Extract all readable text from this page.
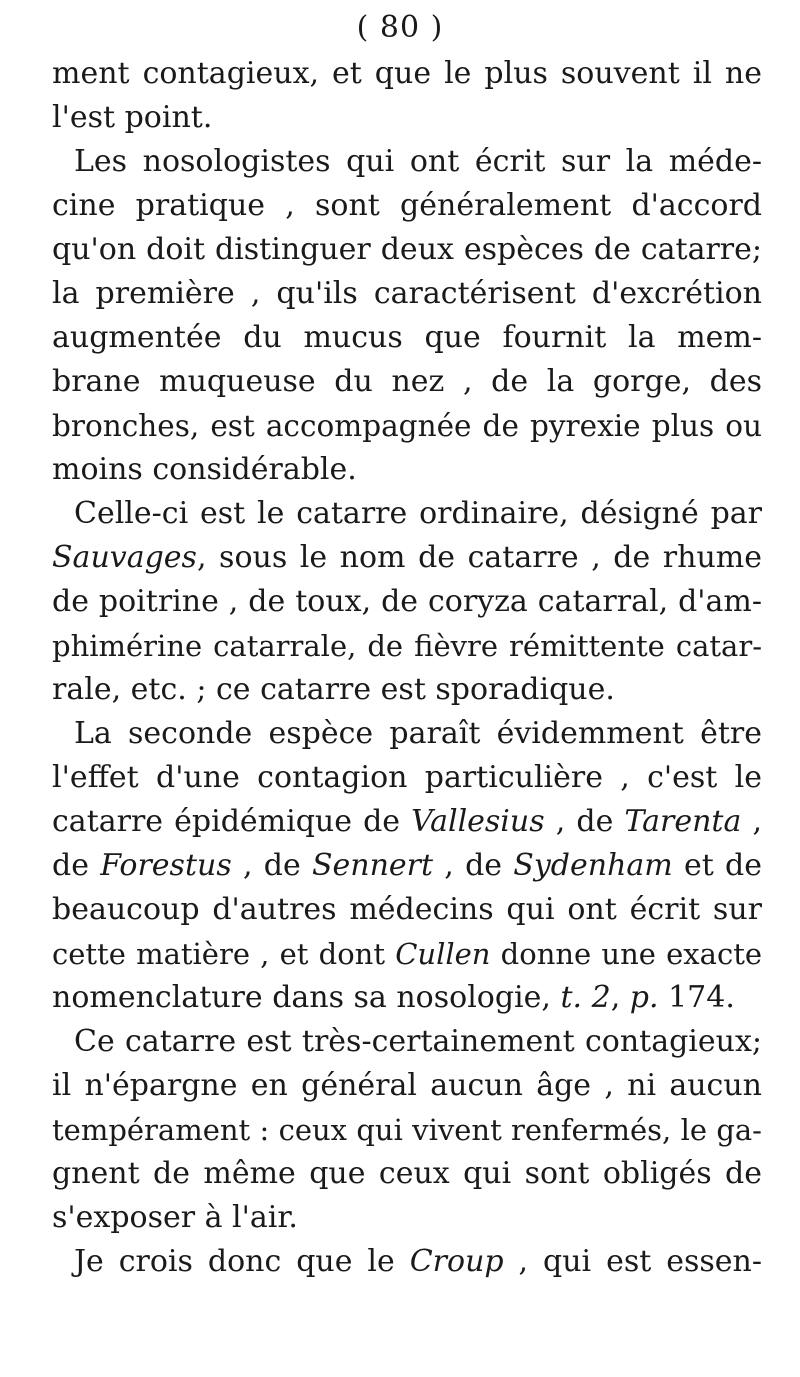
( 80 )
ment contagieux, et que le plus souvent il ne
l'est point.
Les nosologistes qui ont écrit sur la méde-
cine pratique , sont généralement d'accord
qu'on doit distinguer deux espèces de catarre;
la première , qu'ils caractérisent d'excrétion
augmentée du mucus que fournit la mem-
brane muqueuse du nez , de la gorge, des
bronches, est accompagnée de pyrexie plus ou
moins considérable.
Celle-ci est le catarre ordinaire, désigné par
Sauvages, sous le nom de catarre , de rhume
de poitrine , de toux, de coryza catarral, d'am-
phimérine catarrale, de fièvre rémittente catar-
rale, etc. ; ce catarre est sporadique.
La seconde espèce paraît évidemment être
l'effet d'une contagion particulière , c'est le
catarre épidémique de Vallesius , de Tarenta ,
de Forestus , de Sennert , de Sydenham et de
beaucoup d'autres médecins qui ont écrit sur
cette matière , et dont Cullen donne une exacte
nomenclature dans sa nosologie, t. 2, p. 174.
Ce catarre est très-certainement contagieux;
il n'épargne en général aucun âge , ni aucun
tempérament : ceux qui vivent renfermés, le ga-
gnent de même que ceux qui sont obligés de
s'exposer à l'air.
Je crois donc que le Croup , qui est essen-
